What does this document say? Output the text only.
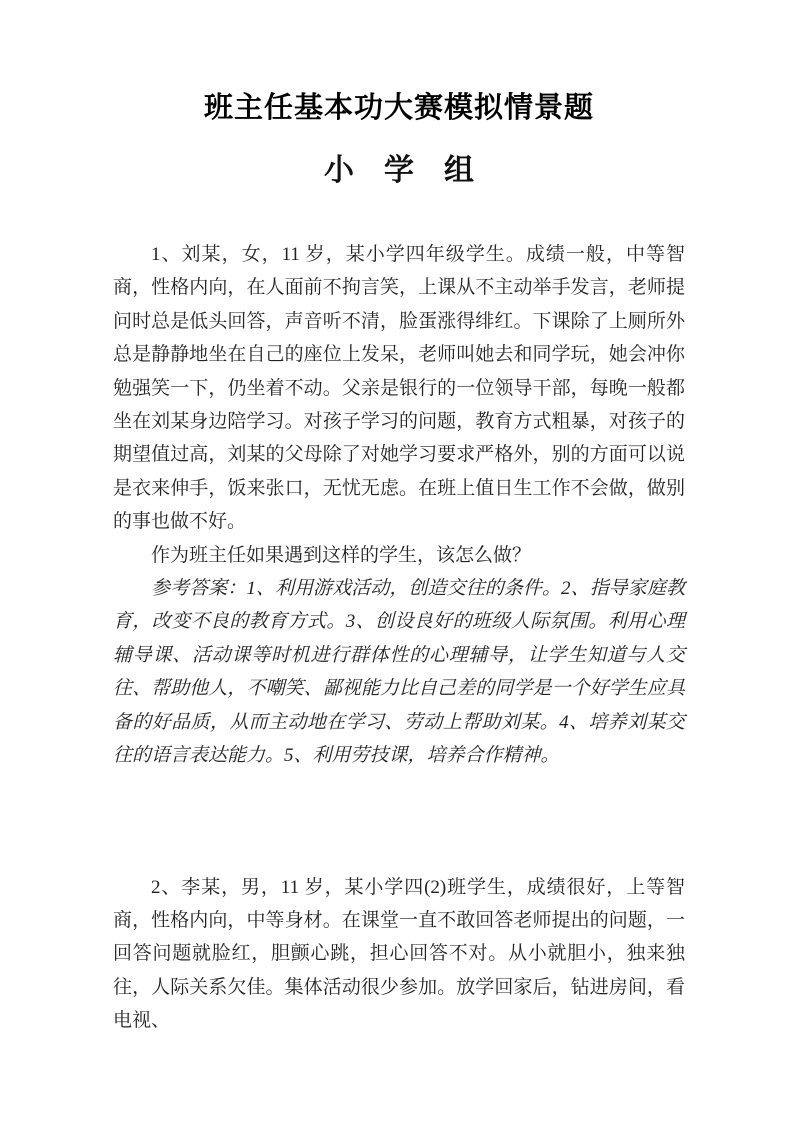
班主任基本功大赛模拟情景题
小　学　组

1、刘某，女，11 岁，某小学四年级学生。成绩一般，中等智商，性格内向，在人面前不拘言笑，上课从不主动举手发言，老师提问时总是低头回答，声音听不清，脸蛋涨得绯红。下课除了上厕所外总是静静地坐在自己的座位上发呆，老师叫她去和同学玩，她会冲你勉强笑一下，仍坐着不动。父亲是银行的一位领导干部，每晚一般都坐在刘某身边陪学习。对孩子学习的问题，教育方式粗暴，对孩子的期望值过高，刘某的父母除了对她学习要求严格外，别的方面可以说是衣来伸手，饭来张口，无忧无虑。在班上值日生工作不会做，做别的事也做不好。

作为班主任如果遇到这样的学生，该怎么做？

参考答案：1、利用游戏活动，创造交往的条件。2、指导家庭教育，改变不良的教育方式。3、创设良好的班级人际氛围。利用心理辅导课、活动课等时机进行群体性的心理辅导，让学生知道与人交往、帮助他人，不嘲笑、鄙视能力比自己差的同学是一个好学生应具备的好品质，从而主动地在学习、劳动上帮助刘某。4、培养刘某交往的语言表达能力。5、利用劳技课，培养合作精神。

2、李某，男，11 岁，某小学四(2)班学生，成绩很好，上等智商，性格内向，中等身材。在课堂一直不敢回答老师提出的问题，一回答问题就脸红，胆颤心跳，担心回答不对。从小就胆小，独来独往，人际关系欠佳。集体活动很少参加。放学回家后，钻进房间，看电视、
